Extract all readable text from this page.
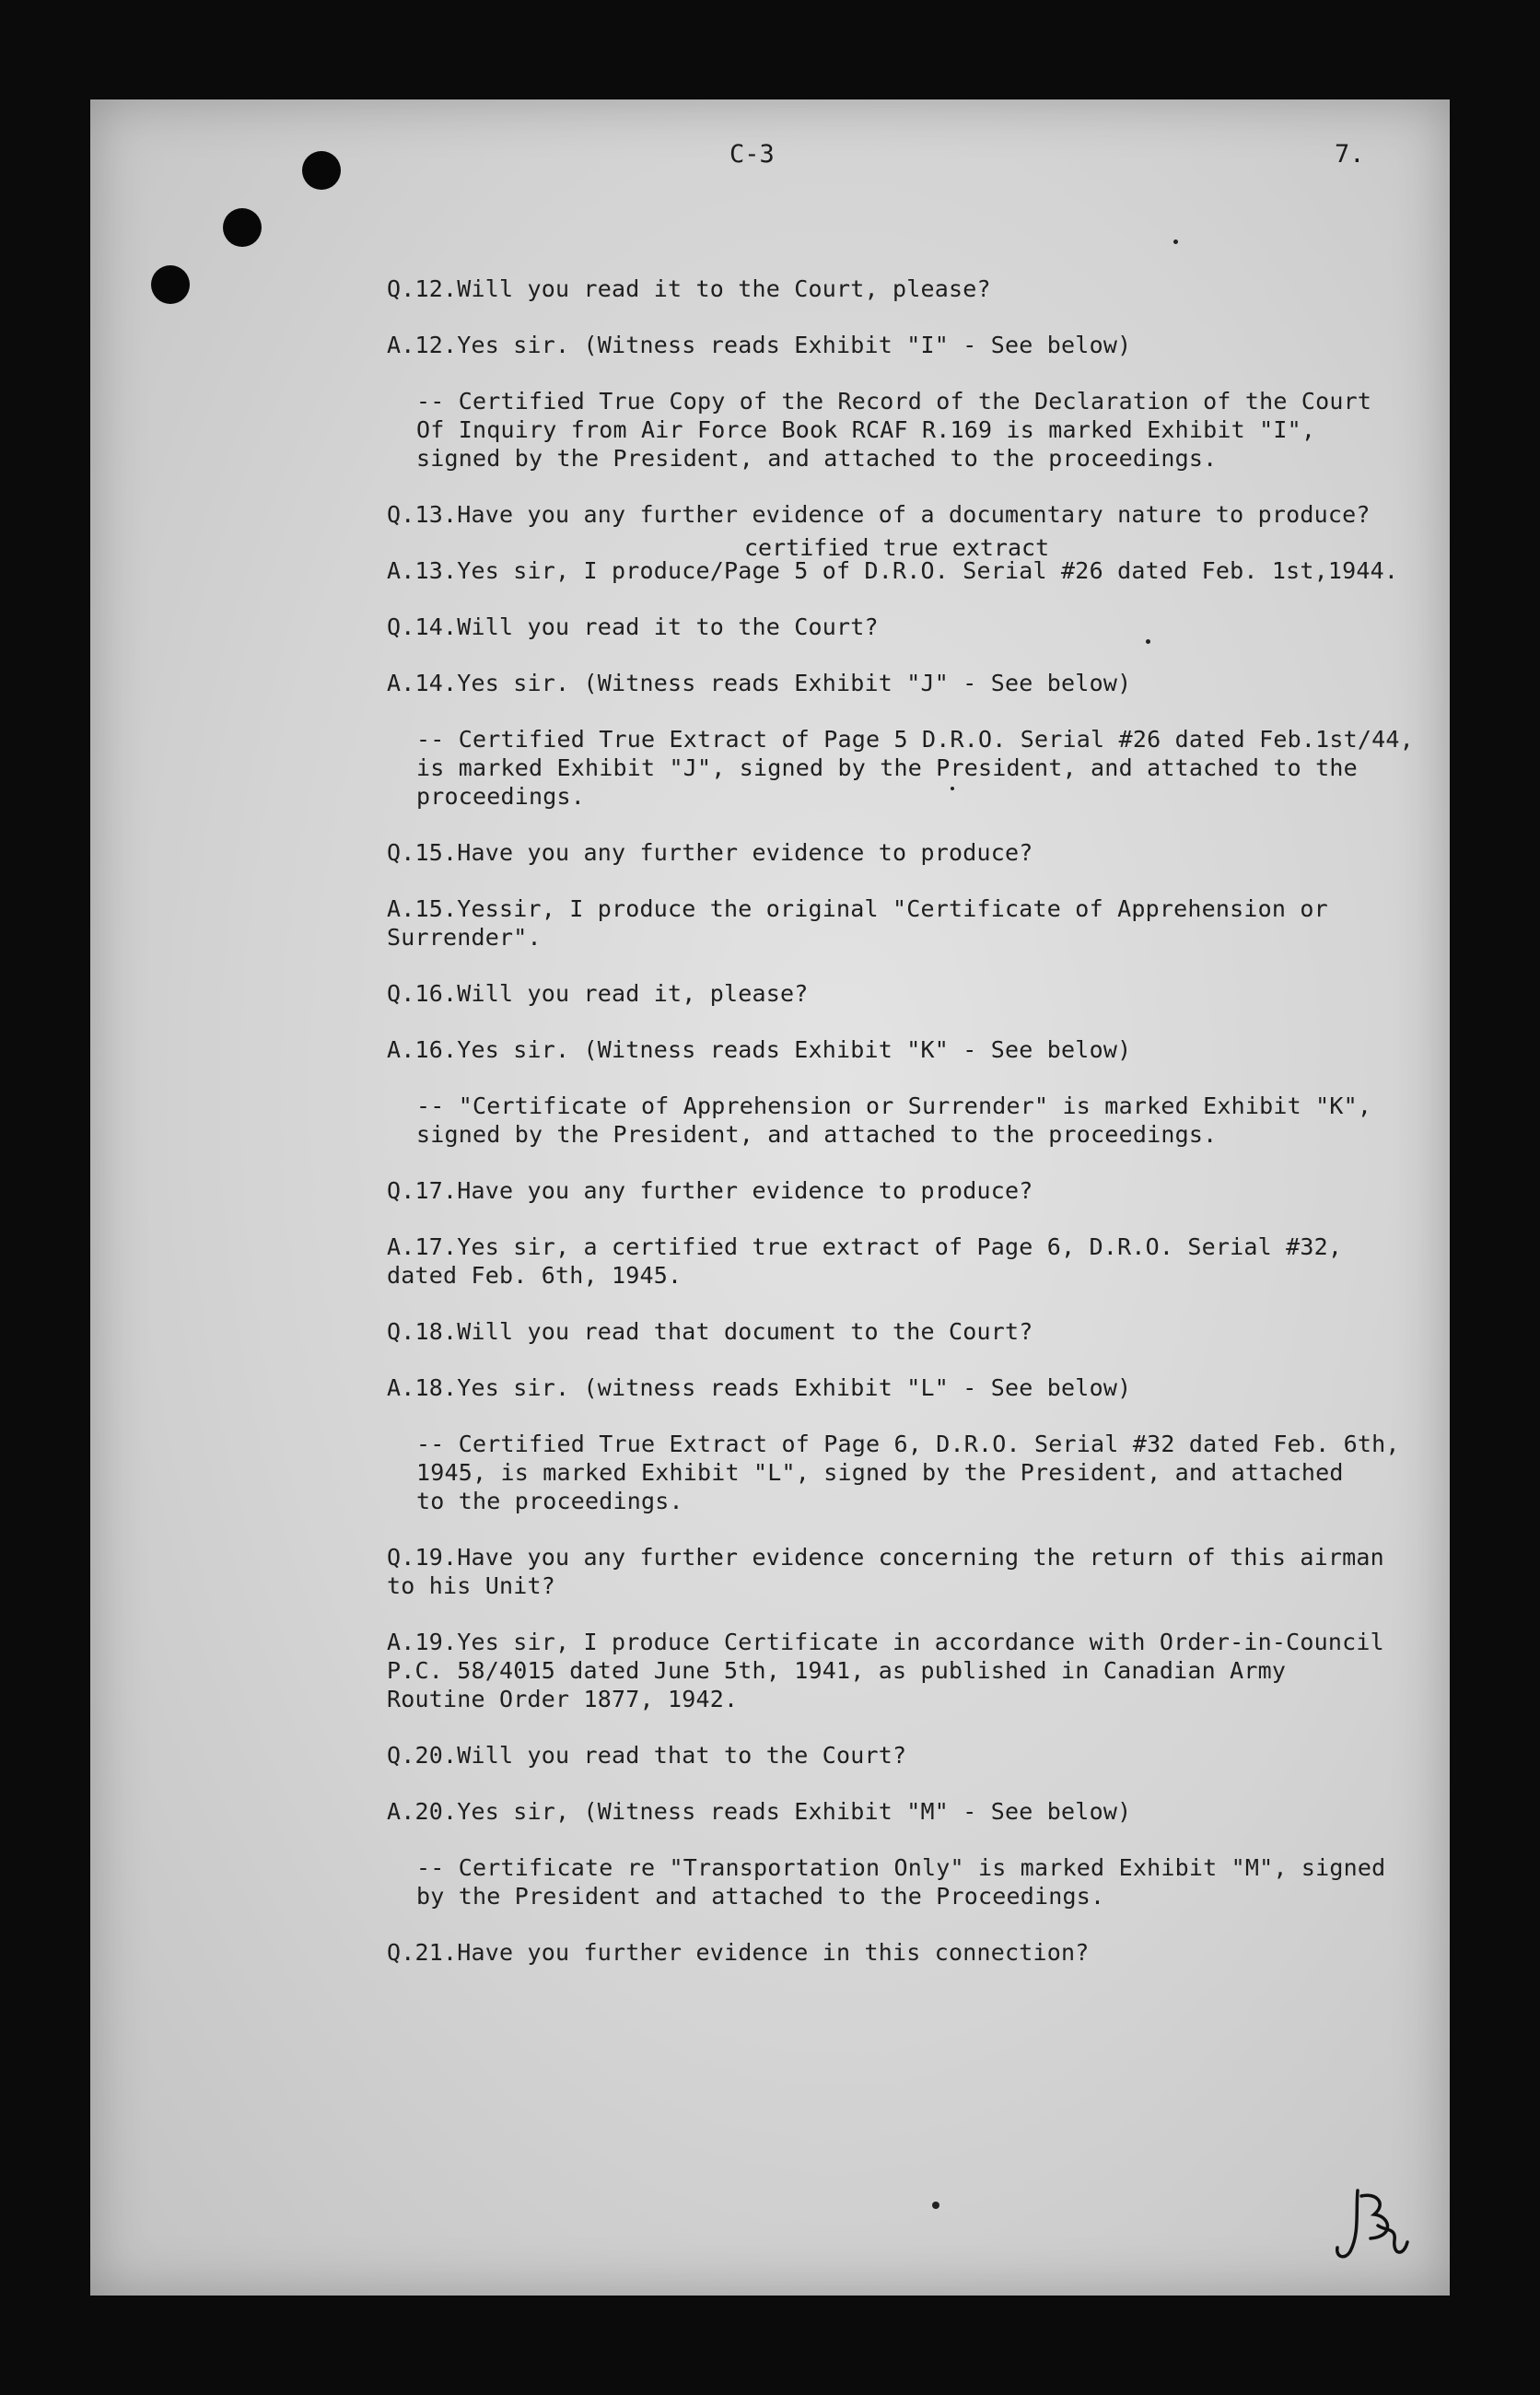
C-3	7.
certified true extract
Q.12.Will you read it to the Court, please?
A.12.Yes sir. (Witness reads Exhibit "I" - See below)
-- Certified True Copy of the Record of the Declaration of the Court
Of Inquiry from Air Force Book RCAF R.169 is marked Exhibit "I",
signed by the President, and attached to the proceedings.
Q.13.Have you any further evidence of a documentary nature to produce?
A.13.Yes sir, I produce/Page 5 of D.R.O. Serial #26 dated Feb. 1st,1944.
Q.14.Will you read it to the Court?
A.14.Yes sir. (Witness reads Exhibit "J" - See below)
-- Certified True Extract of Page 5 D.R.O. Serial #26 dated Feb.1st/44,
is marked Exhibit "J", signed by the President, and attached to the
proceedings.
Q.15.Have you any further evidence to produce?
A.15.Yessir, I produce the original "Certificate of Apprehension or
Surrender".
Q.16.Will you read it, please?
A.16.Yes sir. (Witness reads Exhibit "K" - See below)
-- "Certificate of Apprehension or Surrender" is marked Exhibit "K",
signed by the President, and attached to the proceedings.
Q.17.Have you any further evidence to produce?
A.17.Yes sir, a certified true extract of Page 6, D.R.O. Serial #32,
dated Feb. 6th, 1945.
Q.18.Will you read that document to the Court?
A.18.Yes sir. (witness reads Exhibit "L" - See below)
-- Certified True Extract of Page 6, D.R.O. Serial #32 dated Feb. 6th,
1945, is marked Exhibit "L", signed by the President, and attached
to the proceedings.
Q.19.Have you any further evidence concerning the return of this airman
to his Unit?
A.19.Yes sir, I produce Certificate in accordance with Order-in-Council
P.C. 58/4015 dated June 5th, 1941, as published in Canadian Army
Routine Order 1877, 1942.
Q.20.Will you read that to the Court?
A.20.Yes sir, (Witness reads Exhibit "M" - See below)
-- Certificate re "Transportation Only" is marked Exhibit "M", signed
by the President and attached to the Proceedings.
Q.21.Have you further evidence in this connection?
